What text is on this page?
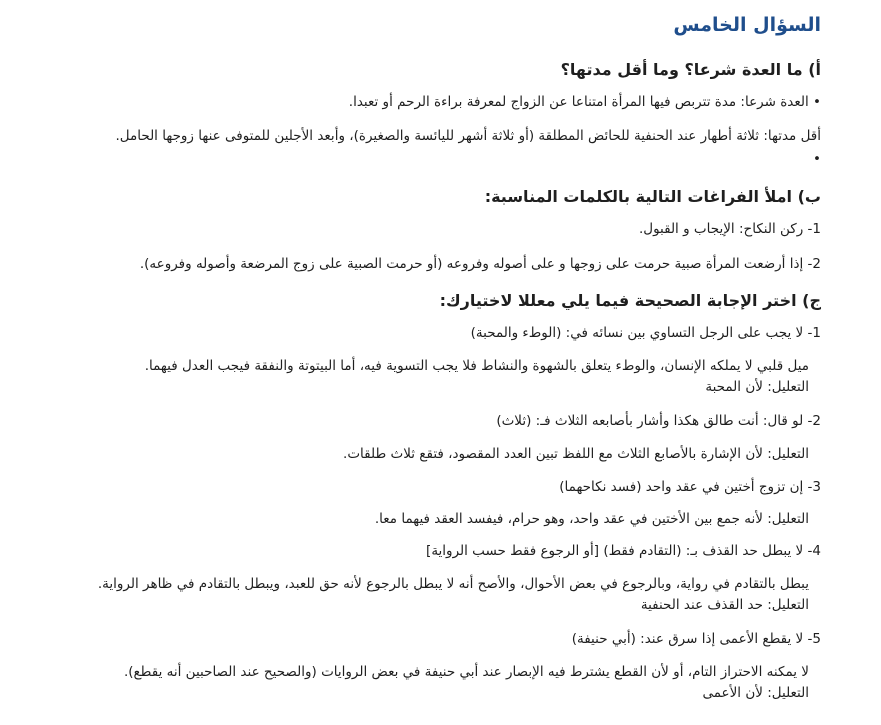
السؤال الخامس
أ) ما العدة شرعا؟ وما أقل مدتها؟

• العدة شرعا: مدة تتربص فيها المرأة امتناعا عن الزواج لمعرفة براءة الرحم أو تعبدا.

أقل مدتها: ثلاثة أطهار عند الحنفية للحائض المطلقة (أو ثلاثة أشهر لليائسة والصغيرة)، وأبعد الأجلين للمتوفى عنها زوجها الحامل.

•

ب) املأ الفراغات التالية بالكلمات المناسبة:

1- ركن النكاح: الإيجاب و القبول.

2- إذا أرضعت المرأة صبية حرمت على زوجها و على أصوله وفروعه (أو حرمت الصبية على زوج المرضعة وأصوله وفروعه).

ج) اختر الإجابة الصحيحة فيما يلي معللا لاختيارك:

1- لا يجب على الرجل التساوي بين نسائه في: (الوطء والمحبة)

ميل قلبي لا يملكه الإنسان، والوطء يتعلق بالشهوة والنشاط فلا يجب التسوية فيه، أما البيتوتة والنفقة فيجب العدل فيهما.

التعليل: لأن المحبة

2- لو قال: أنت طالق هكذا وأشار بأصابعه الثلاث فـ: (ثلاث)

التعليل: لأن الإشارة بالأصابع الثلاث مع اللفظ تبين العدد المقصود، فتقع ثلاث طلقات.

3- إن تزوج أختين في عقد واحد (فسد نكاحهما)

التعليل: لأنه جمع بين الأختين في عقد واحد، وهو حرام، فيفسد العقد فيهما معا.

4- لا يبطل حد القذف بـ: (التقادم فقط) [أو الرجوع فقط حسب الرواية]

يبطل بالتقادم في رواية، وبالرجوع في بعض الأحوال، والأصح أنه لا يبطل بالرجوع لأنه حق للعبد، ويبطل بالتقادم في ظاهر الرواية.

التعليل: حد القذف عند الحنفية

5- لا يقطع الأعمى إذا سرق عند: (أبي حنيفة)

لا يمكنه الاحتراز التام، أو لأن القطع يشترط فيه الإبصار عند أبي حنيفة في بعض الروايات (والصحيح عند الصاحبين أنه يقطع).

التعليل: لأن الأعمى
